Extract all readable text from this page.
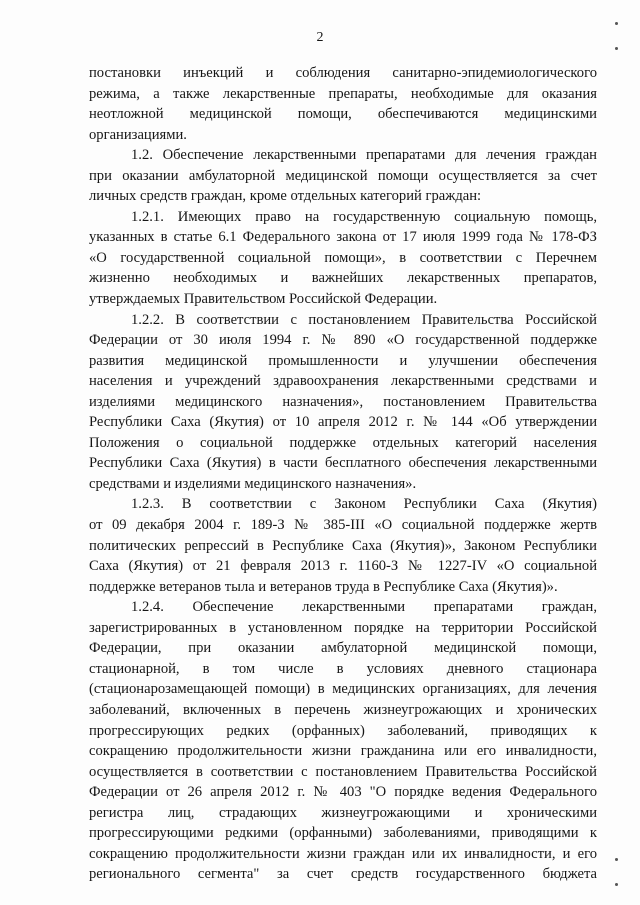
2
постановки инъекций и соблюдения санитарно-эпидемиологического
режима, а также лекарственные препараты, необходимые для оказания
неотложной медицинской помощи, обеспечиваются медицинскими
организациями.
1.2. Обеспечение лекарственными препаратами для лечения граждан
при оказании амбулаторной медицинской помощи осуществляется за счет
личных средств граждан, кроме отдельных категорий граждан:
1.2.1. Имеющих право на государственную социальную помощь,
указанных в статье 6.1 Федерального закона от 17 июля 1999 года № 178-ФЗ
«О государственной социальной помощи», в соответствии с Перечнем
жизненно необходимых и важнейших лекарственных препаратов,
утверждаемых Правительством Российской Федерации.
1.2.2. В соответствии с постановлением Правительства Российской
Федерации от 30 июля 1994 г. № 890 «О государственной поддержке
развития медицинской промышленности и улучшении обеспечения
населения и учреждений здравоохранения лекарственными средствами и
изделиями медицинского назначения», постановлением Правительства
Республики Саха (Якутия) от 10 апреля 2012 г. № 144 «Об утверждении
Положения о социальной поддержке отдельных категорий населения
Республики Саха (Якутия) в части бесплатного обеспечения лекарственными
средствами и изделиями медицинского назначения».
1.2.3. В соответствии с Законом Республики Саха (Якутия)
от 09 декабря 2004 г. 189-З № 385-III «О социальной поддержке жертв
политических репрессий в Республике Саха (Якутия)», Законом Республики
Саха (Якутия) от 21 февраля 2013 г. 1160-З № 1227-IV «О социальной
поддержке ветеранов тыла и ветеранов труда в Республике Саха (Якутия)».
1.2.4. Обеспечение лекарственными препаратами граждан,
зарегистрированных в установленном порядке на территории Российской
Федерации, при оказании амбулаторной медицинской помощи,
стационарной, в том числе в условиях дневного стационара
(стационарозамещающей помощи) в медицинских организациях, для лечения
заболеваний, включенных в перечень жизнеугрожающих и хронических
прогрессирующих редких (орфанных) заболеваний, приводящих к
сокращению продолжительности жизни гражданина или его инвалидности,
осуществляется в соответствии с постановлением Правительства Российской
Федерации от 26 апреля 2012 г. № 403 "О порядке ведения Федерального
регистра лиц, страдающих жизнеугрожающими и хроническими
прогрессирующими редкими (орфанными) заболеваниями, приводящими к
сокращению продолжительности жизни граждан или их инвалидности, и его
регионального сегмента" за счет средств государственного бюджета
